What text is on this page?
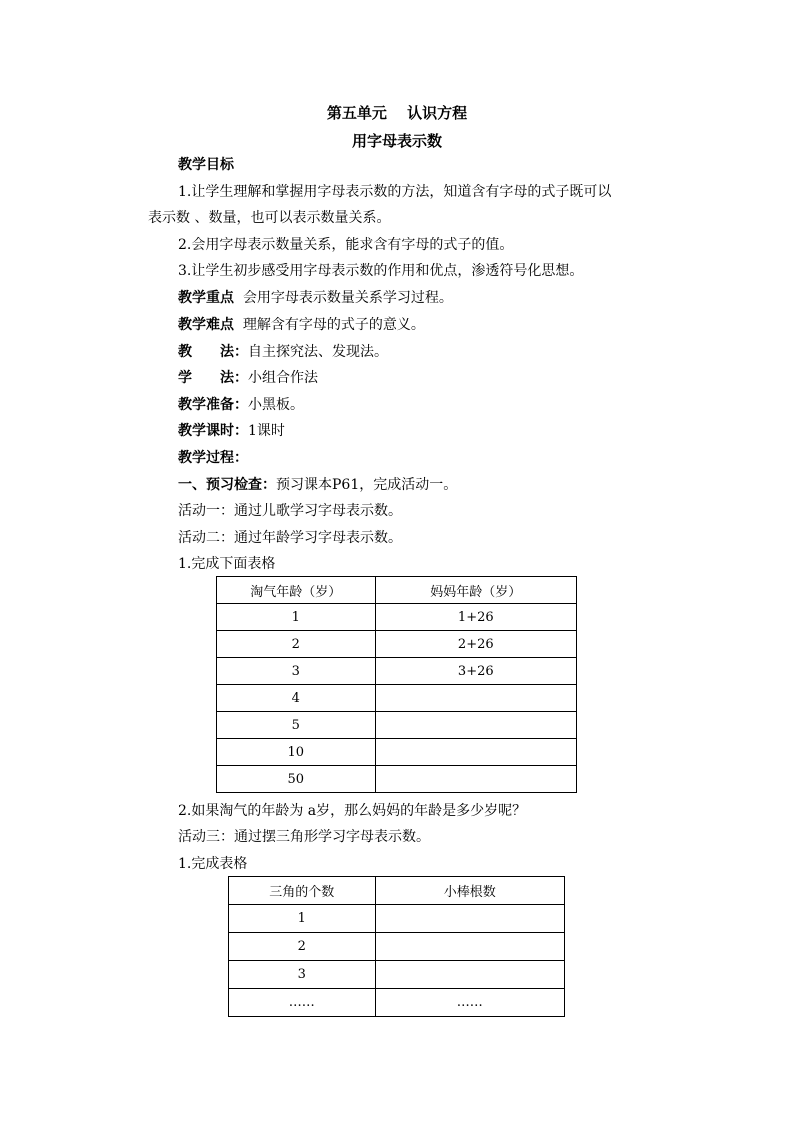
第五单元　 认识方程
用字母表示数
教学目标
1.让学生理解和掌握用字母表示数的方法，知道含有字母的式子既可以
表示数 、数量，也可以表示数量关系。
2.会用字母表示数量关系，能求含有字母的式子的值。
3.让学生初步感受用字母表示数的作用和优点，渗透符号化思想。
教学重点 会用字母表示数量关系学习过程。
教学难点 理解含有字母的式子的意义。
教　　法：自主探究法、发现法。
学　　法：小组合作法
教学准备：小黑板。
教学课时：1课时
教学过程：
一、预习检查：预习课本P61，完成活动一。
活动一：通过儿歌学习字母表示数。
活动二：通过年龄学习字母表示数。
1.完成下面表格
淘气年龄（岁）	妈妈年龄（岁）
1	1+26
2	2+26
3	3+26
4	
5	
10	
50	
2.如果淘气的年龄为 a岁，那么妈妈的年龄是多少岁呢？
活动三：通过摆三角形学习字母表示数。
1.完成表格
三角的个数	小棒根数
1	
2	
3	
……	……
